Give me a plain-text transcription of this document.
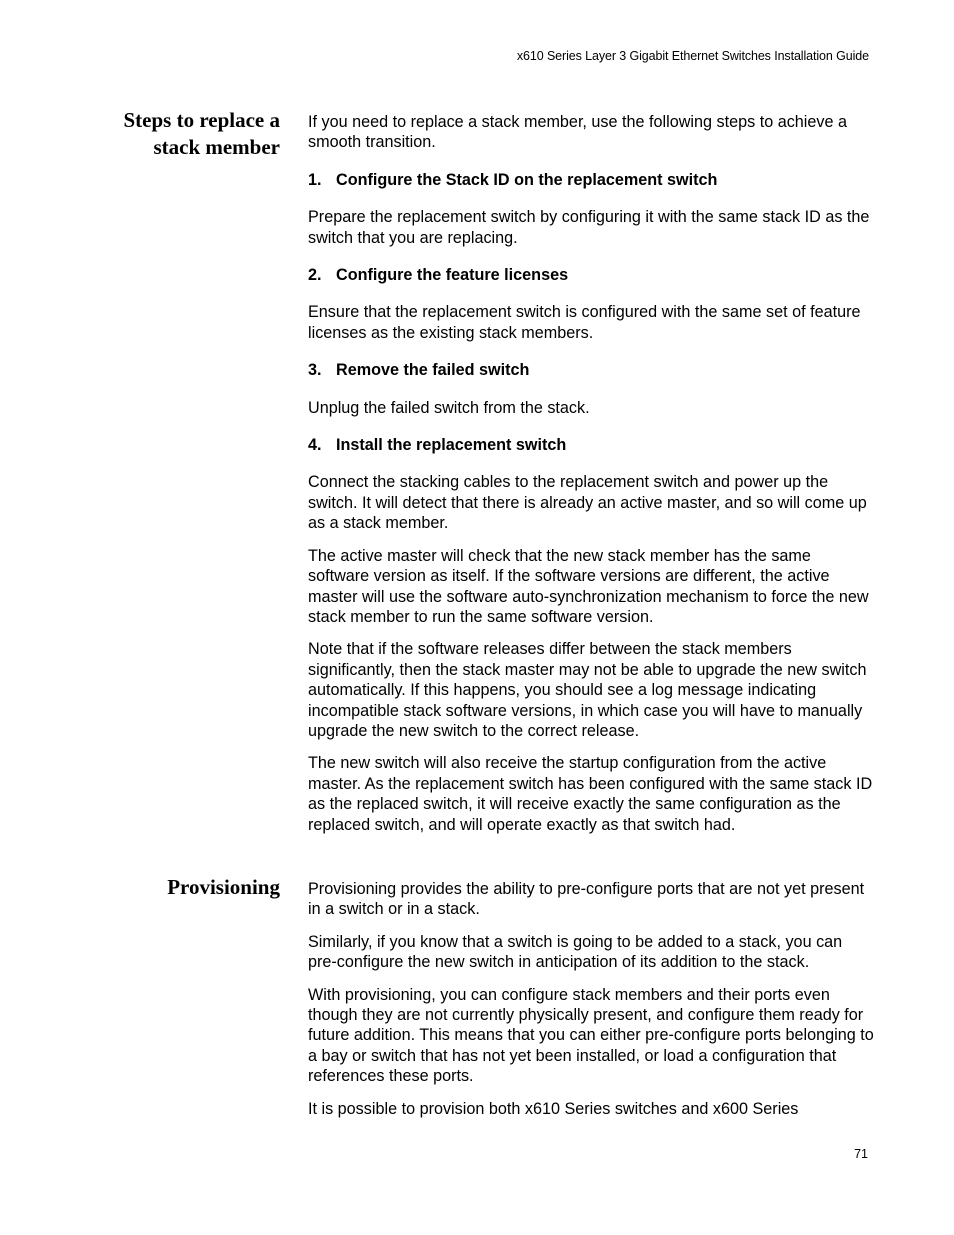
x610 Series Layer 3 Gigabit Ethernet Switches Installation Guide
Steps to replace a
stack member

If you need to replace a stack member, use the following steps to achieve a smooth transition.

1. Configure the Stack ID on the replacement switch

Prepare the replacement switch by configuring it with the same stack ID as the switch that you are replacing.

2. Configure the feature licenses

Ensure that the replacement switch is configured with the same set of feature licenses as the existing stack members.

3. Remove the failed switch

Unplug the failed switch from the stack.

4. Install the replacement switch

Connect the stacking cables to the replacement switch and power up the switch. It will detect that there is already an active master, and so will come up as a stack member.

The active master will check that the new stack member has the same software version as itself. If the software versions are different, the active master will use the software auto-synchronization mechanism to force the new stack member to run the same software version.

Note that if the software releases differ between the stack members significantly, then the stack master may not be able to upgrade the new switch automatically. If this happens, you should see a log message indicating incompatible stack software versions, in which case you will have to manually upgrade the new switch to the correct release.

The new switch will also receive the startup configuration from the active master. As the replacement switch has been configured with the same stack ID as the replaced switch, it will receive exactly the same configuration as the replaced switch, and will operate exactly as that switch had.

Provisioning Provisioning provides the ability to pre-configure ports that are not yet present in a switch or in a stack.

Similarly, if you know that a switch is going to be added to a stack, you can pre-configure the new switch in anticipation of its addition to the stack.

With provisioning, you can configure stack members and their ports even though they are not currently physically present, and configure them ready for future addition. This means that you can either pre-configure ports belonging to a bay or switch that has not yet been installed, or load a configuration that references these ports.

It is possible to provision both x610 Series switches and x600 Series

71
